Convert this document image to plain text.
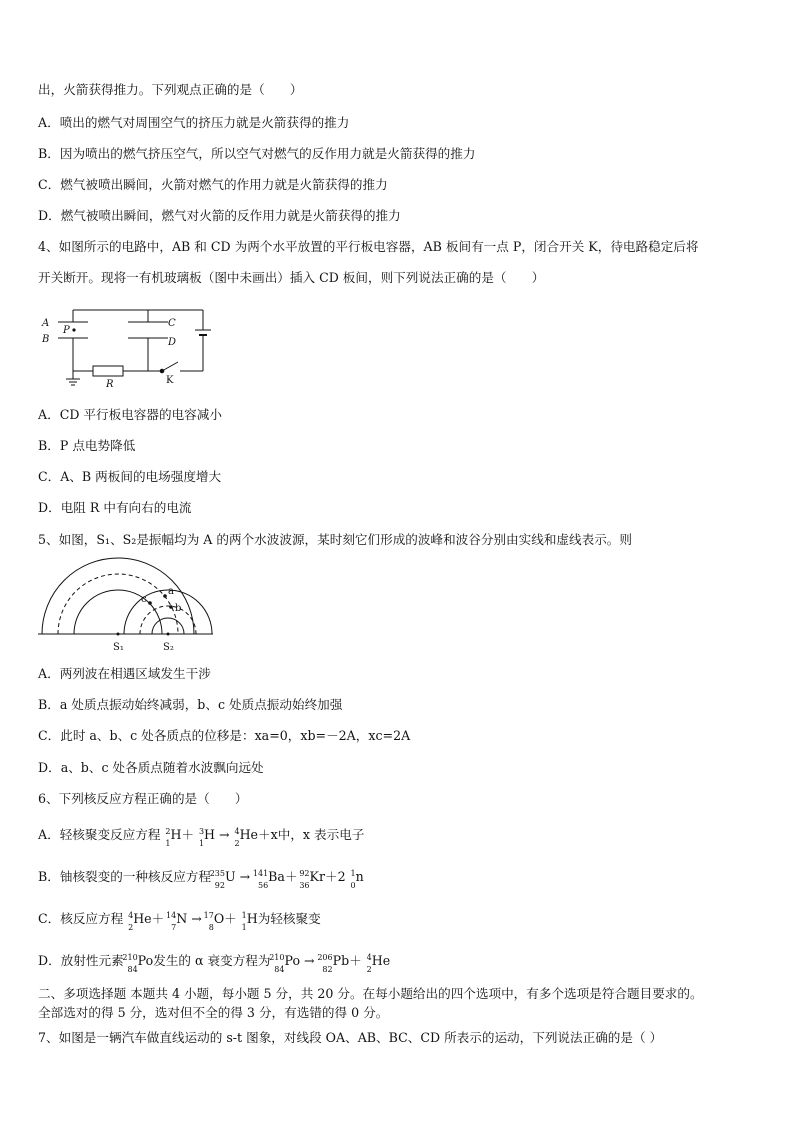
出，火箭获得推力。下列观点正确的是（　　）
A．喷出的燃气对周围空气的挤压力就是火箭获得的推力
B．因为喷出的燃气挤压空气，所以空气对燃气的反作用力就是火箭获得的推力
C．燃气被喷出瞬间，火箭对燃气的作用力就是火箭获得的推力
D．燃气被喷出瞬间，燃气对火箭的反作用力就是火箭获得的推力
4、如图所示的电路中，AB 和 CD 为两个水平放置的平行板电容器，AB 板间有一点 P，闭合开关 K，待电路稳定后将
开关断开。现将一有机玻璃板（图中未画出）插入 CD 板间，则下列说法正确的是（　　）
A
P
B
C
D
R	K
A．CD 平行板电容器的电容减小
B．P 点电势降低
C．A、B 两板间的电场强度增大
D．电阻 R 中有向右的电流
5、如图，S₁、S₂是振幅均为 A 的两个水波波源，某时刻它们形成的波峰和波谷分别由实线和虚线表示。则
a
b
c
S₁	S₂
A．两列波在相遇区域发生干涉
B．a 处质点振动始终减弱，b、c 处质点振动始终加强
C．此时 a、b、c 处各质点的位移是：xa=0，xb=－2A，xc=2A
D．a、b、c 处各质点随着水波飘向远处
6、下列核反应方程正确的是（　　）
A．轻核聚变反应方程 2
1
H＋ 3
1
H → 4
2
He＋x中，x 表示电子
B．铀核裂变的一种核反应方程
235
92
U →
141
56
Ba＋ 92
36
Kr＋2 1
0
n
C．核反应方程 4
2
He＋ 14
7
N → 17
8
O＋ 1
1
H为轻核聚变
D．放射性元素
210
84
Po发生的 α 衰变方程为
210
84
Po →
206
82
Pb＋ 4
2
He
二、多项选择题 本题共 4 小题，每小题 5 分，共 20 分。在每小题给出的四个选项中，有多个选项是符合题目要求的。
全部选对的得 5 分，选对但不全的得 3 分，有选错的得 0 分。
7、如图是一辆汽车做直线运动的 s-t 图象，对线段 OA、AB、BC、CD 所表示的运动，下列说法正确的是（ ）
